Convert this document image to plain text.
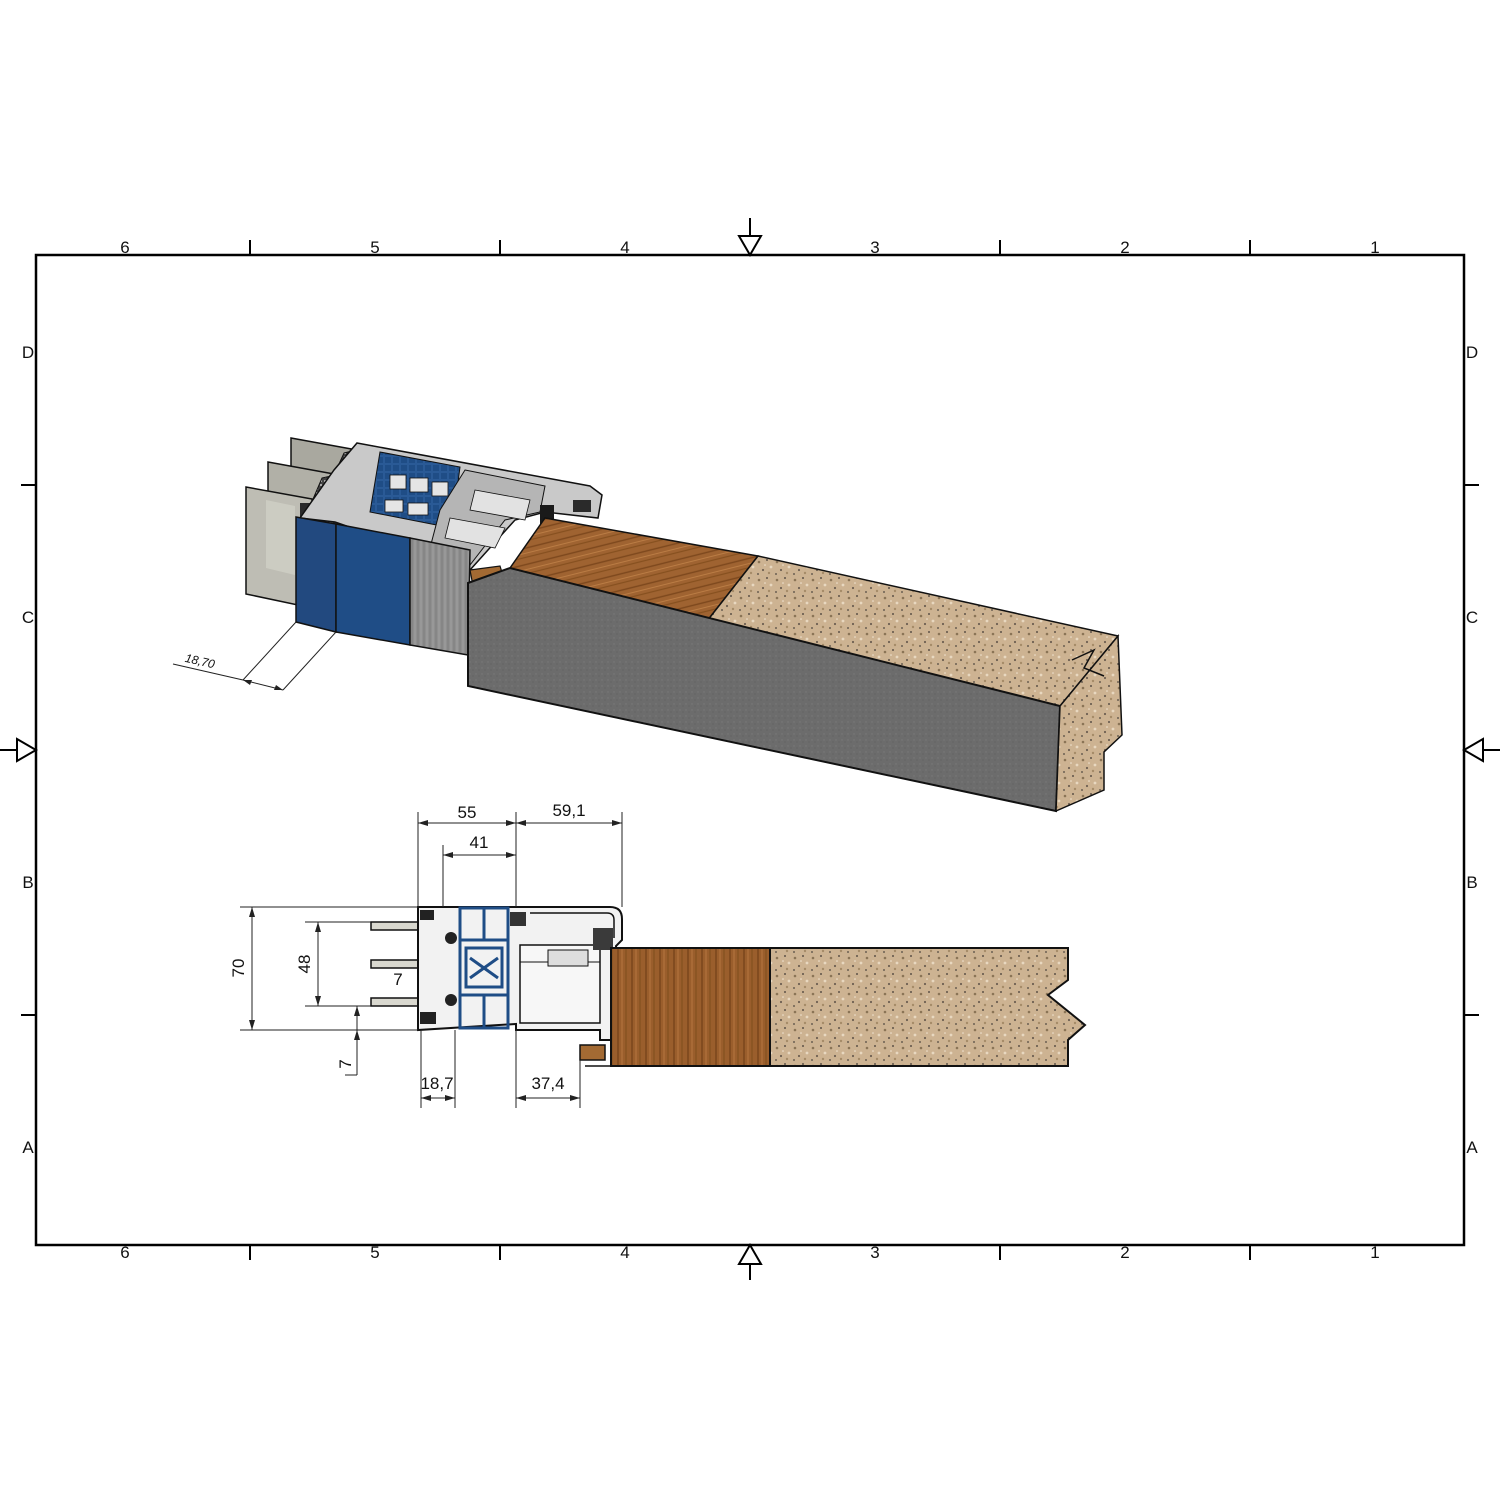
6	5	4	3	2	1
6	5	4	3	2	1
D
C
B
A
D
C
B
A
18,70
55	59,1
41
70	48
7
7
18,7	37,4
